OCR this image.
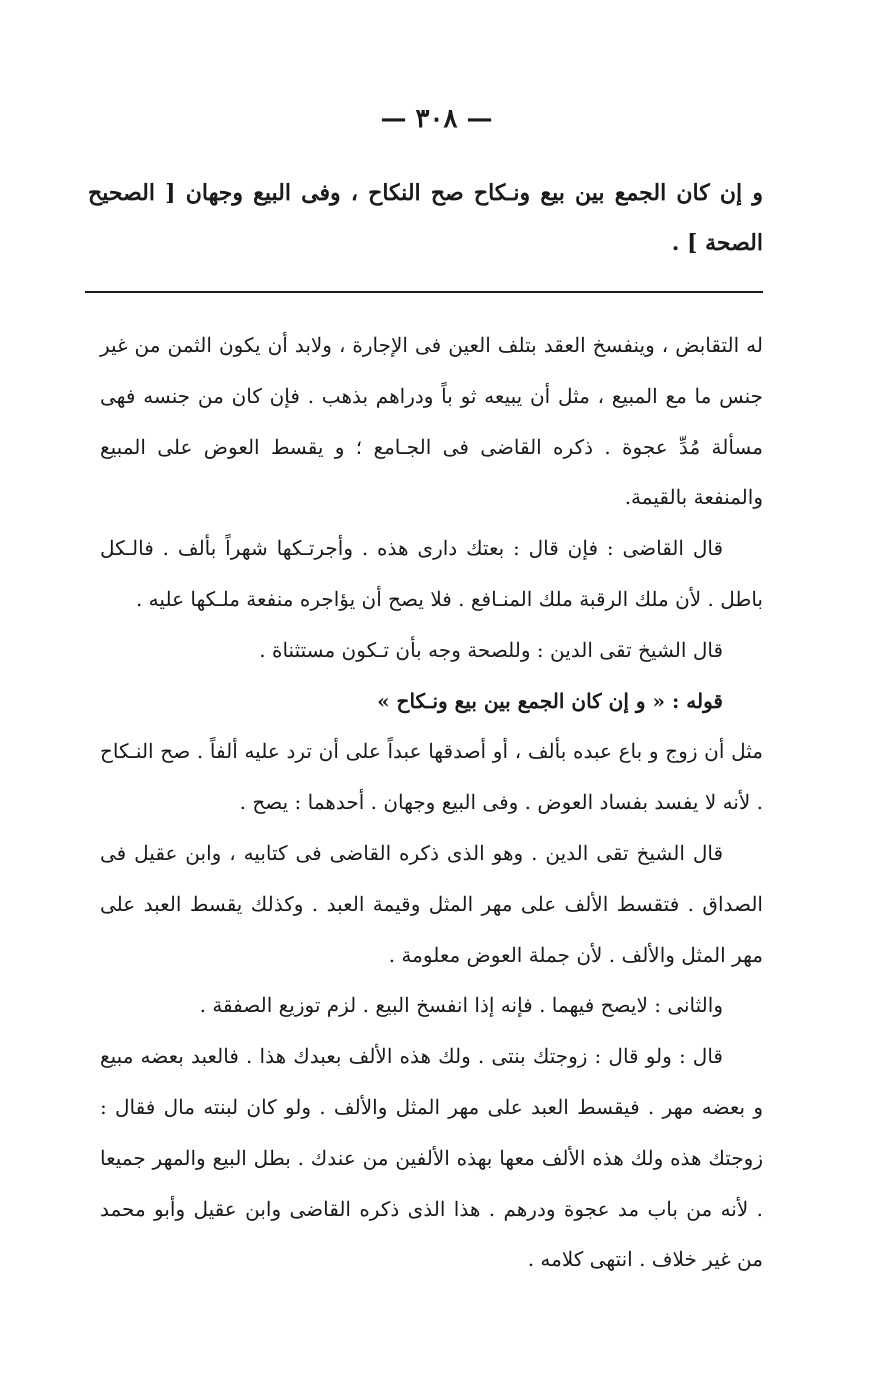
— ٣٠٨ —
و إن كان الجمع بين بيع ونـكاح صح النكاح ، وفى البيع وجهان [ الصحيح الصحة ] .

له التقابض ، وينفسخ العقد بتلف العين فى الإجارة ، ولابد أن يكون الثمن من غير جنس ما مع المبيع ، مثل أن يبيعه ثو باً ودراهم بذهب . فإن كان من جنسه فهى مسألة مُدِّ عجوة . ذكره القاضى فى الجـامع ؛ و يقسط العوض على المبيع والمنفعة بالقيمة.

قال القاضى : فإن قال : بعتك دارى هذه . وأجرتـكها شهراً بألف . فالـكل باطل . لأن ملك الرقبة ملك المنـافع . فلا يصح أن يؤاجره منفعة ملـكها عليه .

قال الشيخ تقى الدين : وللصحة وجه بأن تـكون مستثناة .

قوله : « و إن كان الجمع بين بيع ونـكاح »

مثل أن زوج و باع عبده بألف ، أو أصدقها عبداً على أن ترد عليه ألفاً . صح النـكاح . لأنه لا يفسد بفساد العوض . وفى البيع وجهان . أحدهما : يصح .

قال الشيخ تقى الدين . وهو الذى ذكره القاضى فى كتابيه ، وابن عقيل فى الصداق . فتقسط الألف على مهر المثل وقيمة العبد . وكذلك يقسط العبد على مهر المثل والألف . لأن جملة العوض معلومة .

والثانى : لايصح فيهما . فإنه إذا انفسخ البيع . لزم توزيع الصفقة .

قال : ولو قال : زوجتك بنتى . ولك هذه الألف بعبدك هذا . فالعبد بعضه مبيع و بعضه مهر . فيقسط العبد على مهر المثل والألف . ولو كان لبنته مال فقال : زوجتك هذه ولك هذه الألف معها بهذه الألفين من عندك . بطل البيع والمهر جميعا . لأنه من باب مد عجوة ودرهم . هذا الذى ذكره القاضى وابن عقيل وأبو محمد من غير خلاف . انتهى كلامه .
